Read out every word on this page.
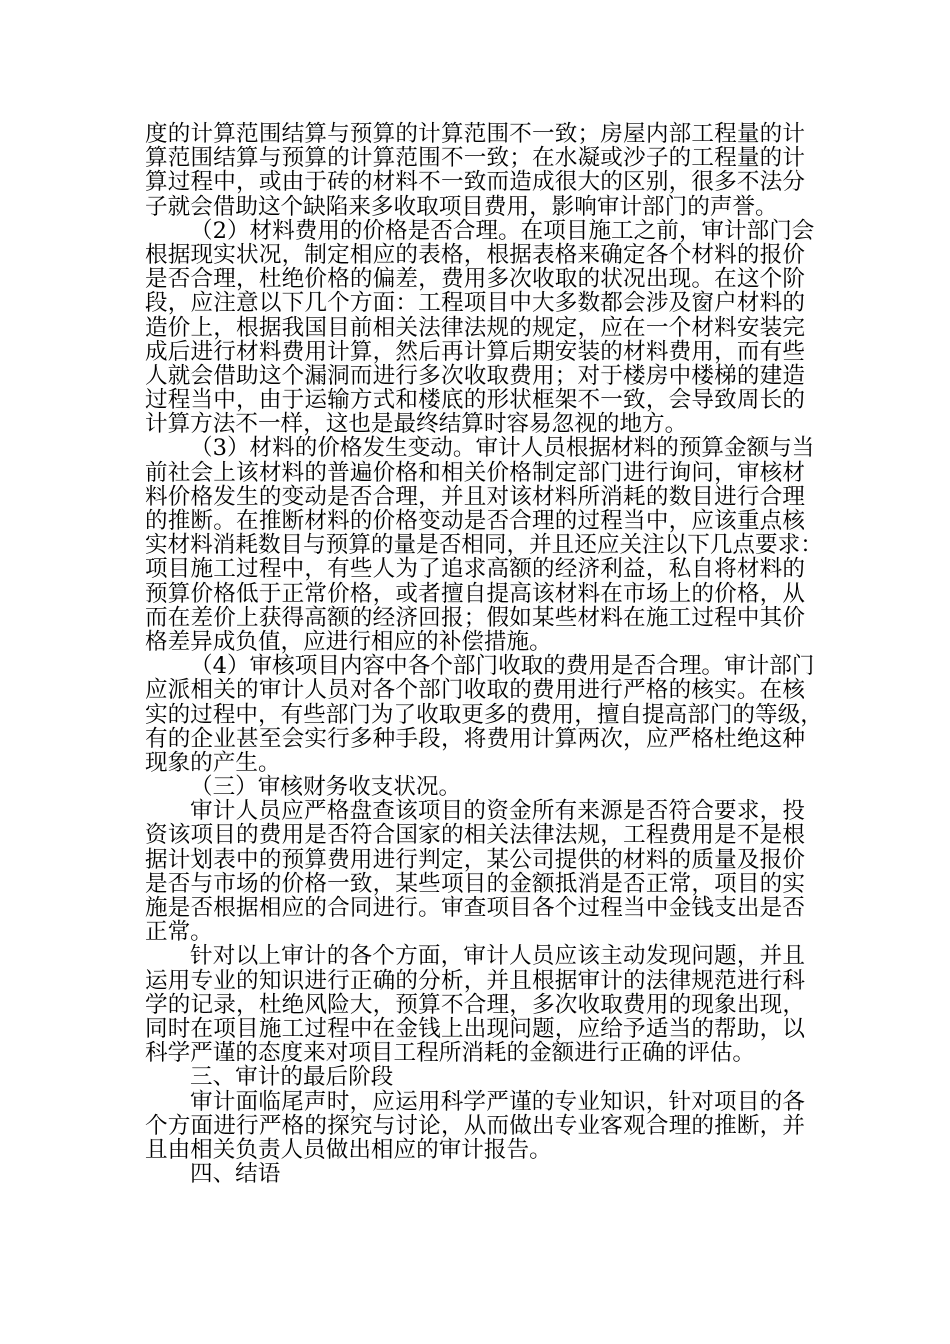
度的计算范围结算与预算的计算范围不一致；房屋内部工程量的计
算范围结算与预算的计算范围不一致；在水凝或沙子的工程量的计
算过程中，或由于砖的材料不一致而造成很大的区别，很多不法分
子就会借助这个缺陷来多收取项目费用，影响审计部门的声誉。
（2）材料费用的价格是否合理。在项目施工之前，审计部门会
根据现实状况，制定相应的表格，根据表格来确定各个材料的报价
是否合理，杜绝价格的偏差，费用多次收取的状况出现。在这个阶
段，应注意以下几个方面：工程项目中大多数都会涉及窗户材料的
造价上，根据我国目前相关法律法规的规定，应在一个材料安装完
成后进行材料费用计算，然后再计算后期安装的材料费用，而有些
人就会借助这个漏洞而进行多次收取费用；对于楼房中楼梯的建造
过程当中，由于运输方式和楼底的形状框架不一致，会导致周长的
计算方法不一样，这也是最终结算时容易忽视的地方。
（3）材料的价格发生变动。审计人员根据材料的预算金额与当
前社会上该材料的普遍价格和相关价格制定部门进行询问，审核材
料价格发生的变动是否合理，并且对该材料所消耗的数目进行合理
的推断。在推断材料的价格变动是否合理的过程当中，应该重点核
实材料消耗数目与预算的量是否相同，并且还应关注以下几点要求：
项目施工过程中，有些人为了追求高额的经济利益，私自将材料的
预算价格低于正常价格，或者擅自提高该材料在市场上的价格，从
而在差价上获得高额的经济回报；假如某些材料在施工过程中其价
格差异成负值，应进行相应的补偿措施。
（4）审核项目内容中各个部门收取的费用是否合理。审计部门
应派相关的审计人员对各个部门收取的费用进行严格的核实。在核
实的过程中，有些部门为了收取更多的费用，擅自提高部门的等级，
有的企业甚至会实行多种手段，将费用计算两次，应严格杜绝这种
现象的产生。
（三）审核财务收支状况。
审计人员应严格盘查该项目的资金所有来源是否符合要求，投
资该项目的费用是否符合国家的相关法律法规，工程费用是不是根
据计划表中的预算费用进行判定，某公司提供的材料的质量及报价
是否与市场的价格一致，某些项目的金额抵消是否正常，项目的实
施是否根据相应的合同进行。审查项目各个过程当中金钱支出是否
正常。
针对以上审计的各个方面，审计人员应该主动发现问题，并且
运用专业的知识进行正确的分析，并且根据审计的法律规范进行科
学的记录，杜绝风险大，预算不合理，多次收取费用的现象出现，
同时在项目施工过程中在金钱上出现问题，应给予适当的帮助，以
科学严谨的态度来对项目工程所消耗的金额进行正确的评估。
三、审计的最后阶段
审计面临尾声时，应运用科学严谨的专业知识，针对项目的各
个方面进行严格的探究与讨论，从而做出专业客观合理的推断，并
且由相关负责人员做出相应的审计报告。
四、结语
